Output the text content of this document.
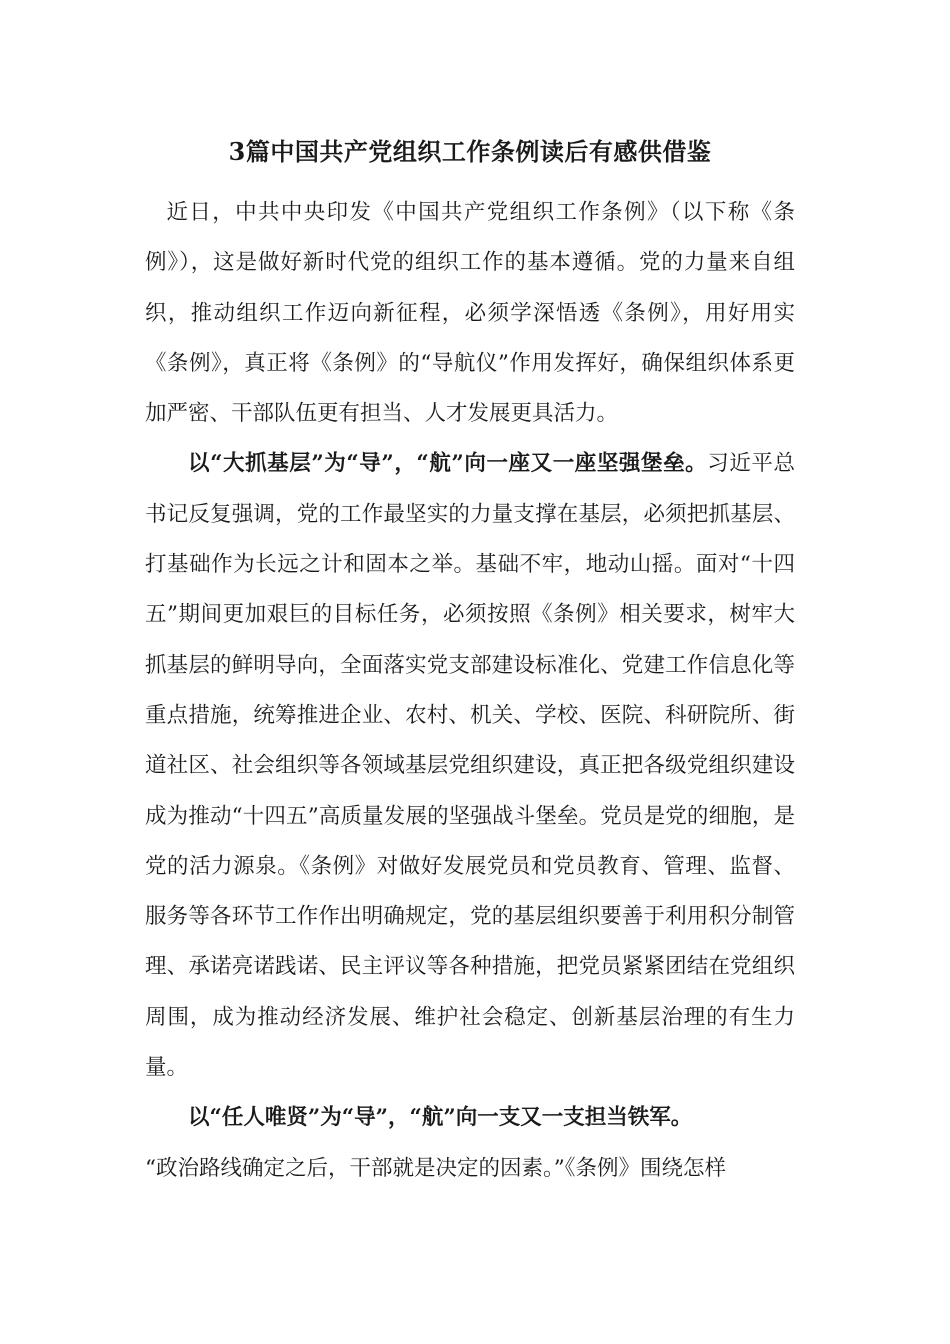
3篇中国共产党组织工作条例读后有感供借鉴

近日，中共中央印发《中国共产党组织工作条例》（以下称《条例》），这是做好新时代党的组织工作的基本遵循。党的力量来自组织，推动组织工作迈向新征程，必须学深悟透《条例》，用好用实《条例》，真正将《条例》的“导航仪”作用发挥好，确保组织体系更加严密、干部队伍更有担当、人才发展更具活力。

以“大抓基层”为“导”，“航”向一座又一座坚强堡垒。习近平总书记反复强调，党的工作最坚实的力量支撑在基层，必须把抓基层、打基础作为长远之计和固本之举。基础不牢，地动山摇。面对“十四五”期间更加艰巨的目标任务，必须按照《条例》相关要求，树牢大抓基层的鲜明导向，全面落实党支部建设标准化、党建工作信息化等重点措施，统筹推进企业、农村、机关、学校、医院、科研院所、街道社区、社会组织等各领域基层党组织建设，真正把各级党组织建设成为推动“十四五”高质量发展的坚强战斗堡垒。党员是党的细胞，是党的活力源泉。《条例》对做好发展党员和党员教育、管理、监督、服务等各环节工作作出明确规定，党的基层组织要善于利用积分制管理、承诺亮诺践诺、民主评议等各种措施，把党员紧紧团结在党组织周围，成为推动经济发展、维护社会稳定、创新基层治理的有生力量。

以“任人唯贤”为“导”，“航”向一支又一支担当铁军。

“政治路线确定之后，干部就是决定的因素。”《条例》围绕怎样
